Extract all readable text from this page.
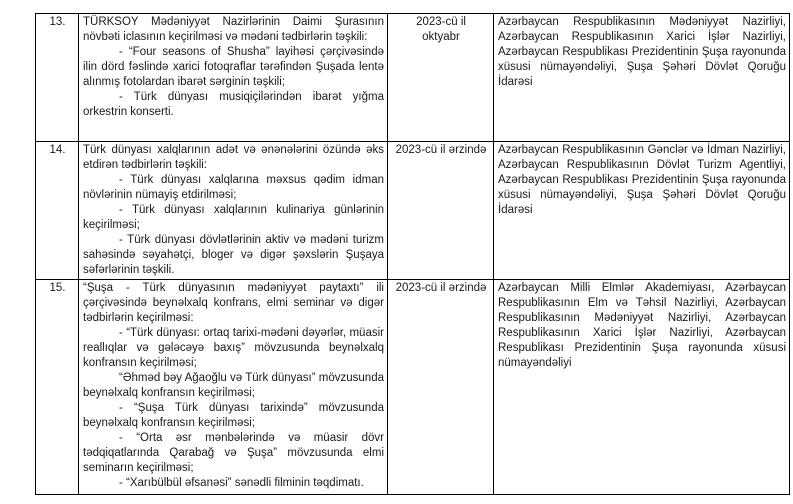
13.	TÜRKSOY Mədəniyyət Nazirlərinin Daimi Şurasının növbəti iclasının keçirilməsi və mədəni tədbirlərin təşkili:

- “Four seasons of Shusha” layihəsi çərçivəsində ilin dörd fəslində xarici fotoqraflar tərəfindən Şuşada lentə alınmış fotolardan ibarət sərginin təşkili;

- Türk dünyası musiqiçilərindən ibarət yığma orkestrin konserti.

2023-cü il
oktyabr
	Azərbaycan Respublikasının Mədəniyyət Nazirliyi, Azərbaycan Respublikasının Xarici İşlər Nazirliyi, Azərbaycan Respublikası Prezidentinin Şuşa rayonunda xüsusi nümayəndəliyi, Şuşa Şəhəri Dövlət Qoruğu İdarəsi
14.	Türk dünyası xalqlarının adət və ənənələrini özündə əks etdirən tədbirlərin təşkili:

- Türk dünyası xalqlarına məxsus qədim idman növlərinin nümayiş etdirilməsi;

- Türk dünyası xalqlarının kulinariya günlərinin keçirilməsi;

- Türk dünyası dövlətlərinin aktiv və mədəni turizm sahəsində səyahətçi, bloger və digər şəxslərin Şuşaya səfərlərinin təşkili.

2023-cü il ərzində	Azərbaycan Respublikasının Gənclər və İdman Nazirliyi, Azərbaycan Respublikasının Dövlət Turizm Agentliyi, Azərbaycan Respublikası Prezidentinin Şuşa rayonunda xüsusi nümayəndəliyi, Şuşa Şəhəri Dövlət Qoruğu İdarəsi
15.	“Şuşa - Türk dünyasının mədəniyyət paytaxtı” ili çərçivəsində beynəlxalq konfrans, elmi seminar və digər tədbirlərin keçirilməsi:

- “Türk dünyası: ortaq tarixi-mədəni dəyərlər, müasir reallıqlar və gələcəyə baxış” mövzusunda beynəlxalq konfransın keçirilməsi;

“Əhməd bəy Ağaoğlu və Türk dünyası” mövzusunda beynəlxalq konfransın keçirilməsi;

- “Şuşa Türk dünyası tarixində” mövzusunda beynəlxalq konfransın keçirilməsi;

- “Orta əsr mənbələrində və müasir dövr tədqiqatlarında Qarabağ və Şuşa” mövzusunda elmi seminarın keçirilməsi;

- “Xarıbülbül əfsanəsi” sənədli filminin təqdimatı.

2023-cü il ərzində	Azərbaycan Milli Elmlər Akademiyası, Azərbaycan Respublikasının Elm və Təhsil Nazirliyi, Azərbaycan Respublikasının Mədəniyyət Nazirliyi, Azərbaycan Respublikasının Xarici İşlər Nazirliyi, Azərbaycan Respublikası Prezidentinin Şuşa rayonunda xüsusi nümayəndəliyi
